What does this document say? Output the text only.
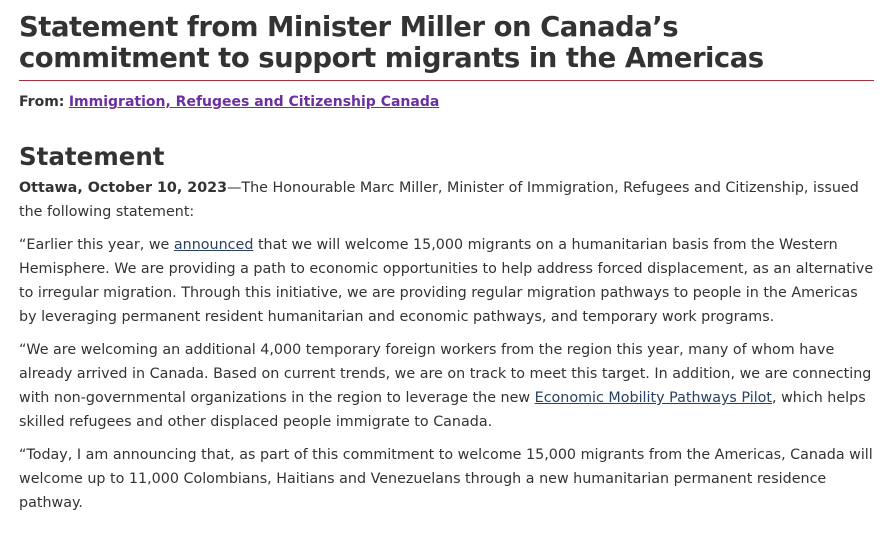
Statement from Minister Miller on Canada’s commitment to support migrants in the Americas
From: Immigration, Refugees and Citizenship Canada
Statement

Ottawa, October 10, 2023—The Honourable Marc Miller, Minister of Immigration, Refugees and Citizenship, issued the following statement:

“Earlier this year, we announced that we will welcome 15,000 migrants on a humanitarian basis from the Western Hemisphere. We are providing a path to economic opportunities to help address forced displacement, as an alternative to irregular migration. Through this initiative, we are providing regular migration pathways to people in the Americas by leveraging permanent resident humanitarian and economic pathways, and temporary work programs.

“We are welcoming an additional 4,000 temporary foreign workers from the region this year, many of whom have already arrived in Canada. Based on current trends, we are on track to meet this target. In addition, we are connecting with non-governmental organizations in the region to leverage the new Economic Mobility Pathways Pilot, which helps skilled refugees and other displaced people immigrate to Canada.

“Today, I am announcing that, as part of this commitment to welcome 15,000 migrants from the Americas, Canada will welcome up to 11,000 Colombians, Haitians and Venezuelans through a new humanitarian permanent residence pathway.
